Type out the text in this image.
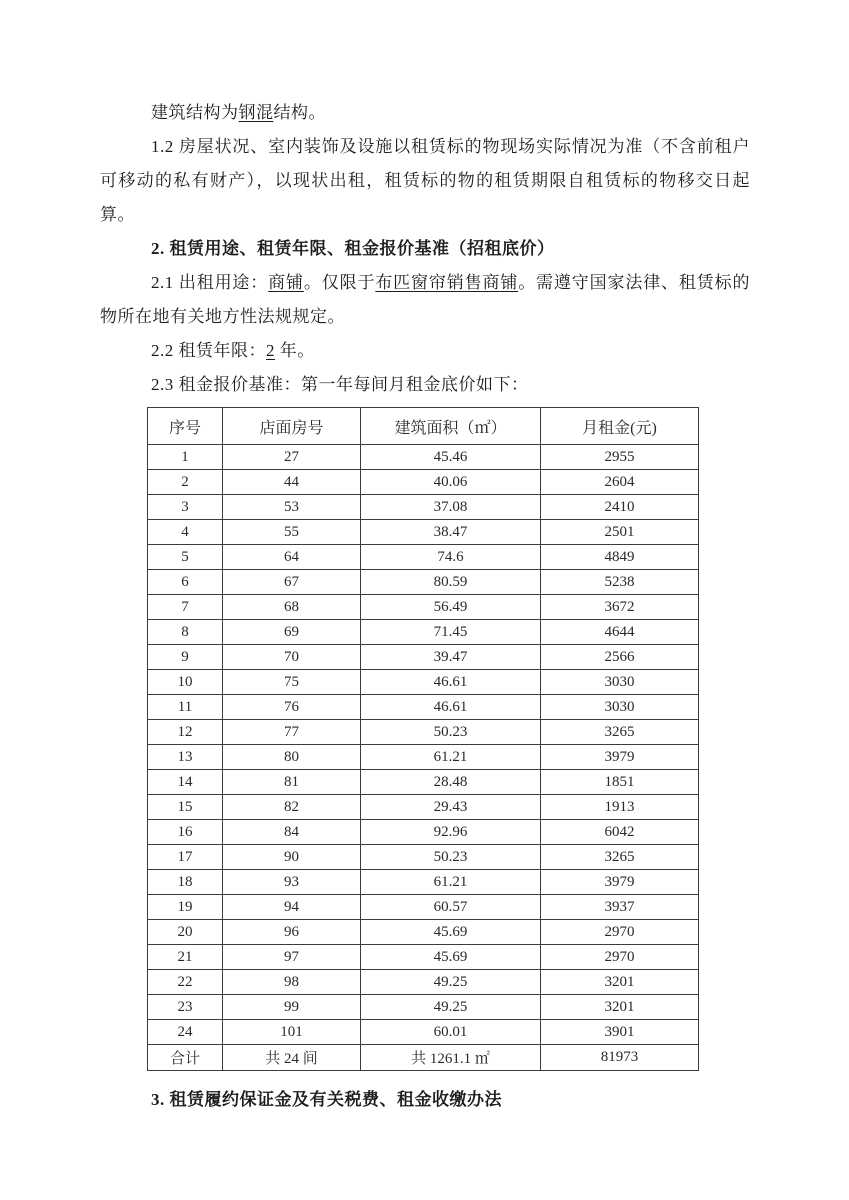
建筑结构为钢混结构。

1.2 房屋状况、室内装饰及设施以租赁标的物现场实际情况为准（不含前租户可移动的私有财产），以现状出租，租赁标的物的租赁期限自租赁标的物移交日起算。

2. 租赁用途、租赁年限、租金报价基准（招租底价）

2.1 出租用途：商铺。仅限于布匹窗帘销售商铺。需遵守国家法律、租赁标的物所在地有关地方性法规规定。

2.2 租赁年限：2 年。

2.3 租金报价基准：第一年每间月租金底价如下：

序号	店面房号	建筑面积（㎡）	月租金(元)
1	27	45.46	2955
2	44	40.06	2604
3	53	37.08	2410
4	55	38.47	2501
5	64	74.6	4849
6	67	80.59	5238
7	68	56.49	3672
8	69	71.45	4644
9	70	39.47	2566
10	75	46.61	3030
11	76	46.61	3030
12	77	50.23	3265
13	80	61.21	3979
14	81	28.48	1851
15	82	29.43	1913
16	84	92.96	6042
17	90	50.23	3265
18	93	61.21	3979
19	94	60.57	3937
20	96	45.69	2970
21	97	45.69	2970
22	98	49.25	3201
23	99	49.25	3201
24	101	60.01	3901
合计	共 24 间	共 1261.1 ㎡	81973

3. 租赁履约保证金及有关税费、租金收缴办法
